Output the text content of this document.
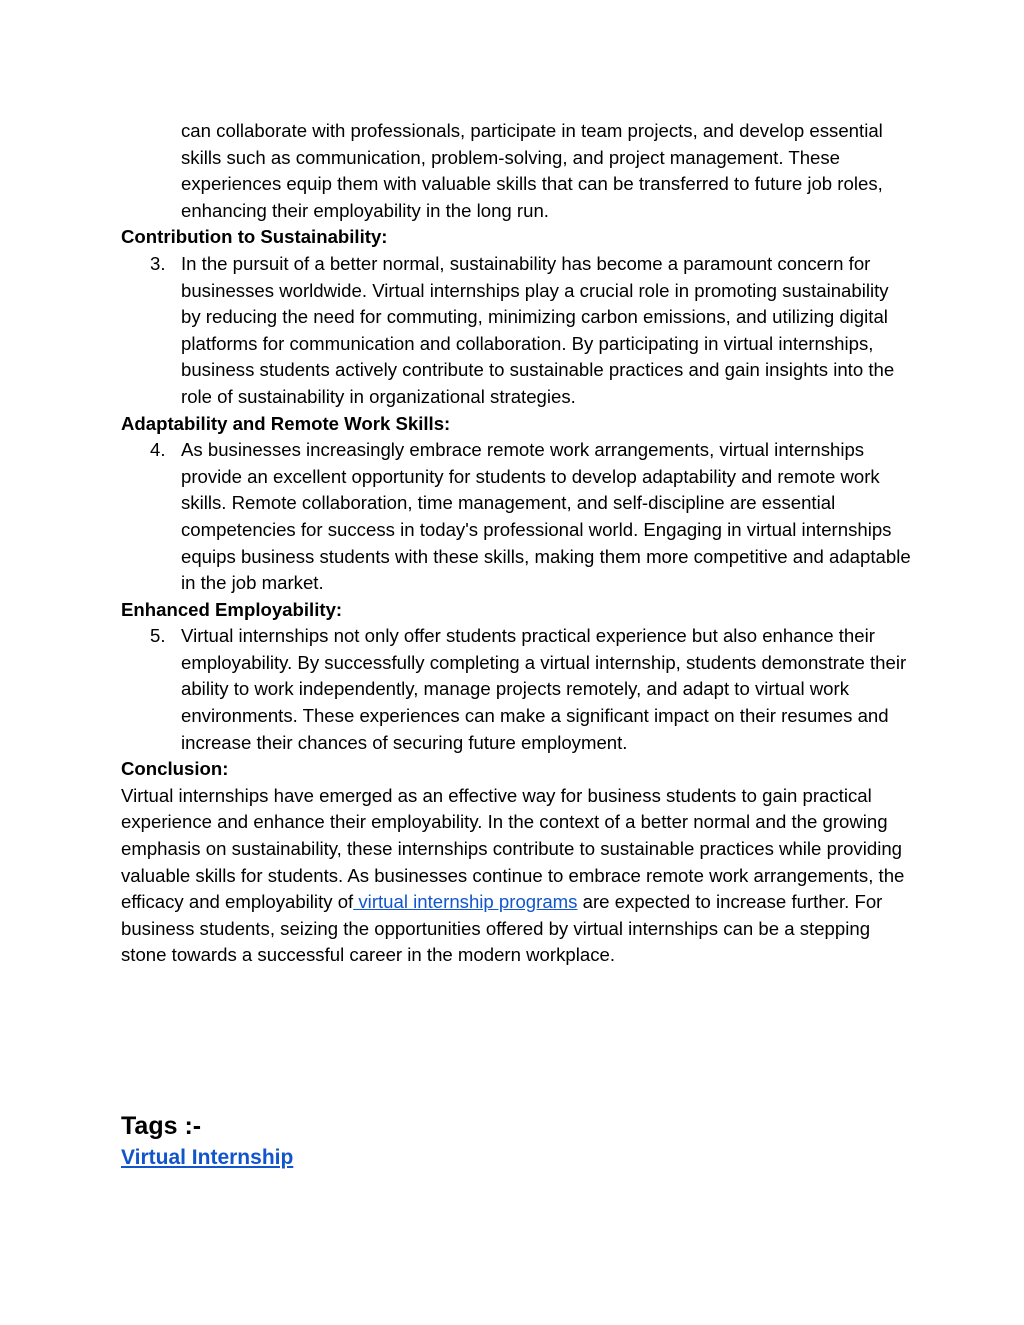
can collaborate with professionals, participate in team projects, and develop essential skills such as communication, problem-solving, and project management. These experiences equip them with valuable skills that can be transferred to future job roles, enhancing their employability in the long run.

Contribution to Sustainability:

3. In the pursuit of a better normal, sustainability has become a paramount concern for businesses worldwide. Virtual internships play a crucial role in promoting sustainability by reducing the need for commuting, minimizing carbon emissions, and utilizing digital platforms for communication and collaboration. By participating in virtual internships, business students actively contribute to sustainable practices and gain insights into the role of sustainability in organizational strategies.

Adaptability and Remote Work Skills:

4. As businesses increasingly embrace remote work arrangements, virtual internships provide an excellent opportunity for students to develop adaptability and remote work skills. Remote collaboration, time management, and self-discipline are essential competencies for success in today's professional world. Engaging in virtual internships equips business students with these skills, making them more competitive and adaptable in the job market.

Enhanced Employability:

5. Virtual internships not only offer students practical experience but also enhance their employability. By successfully completing a virtual internship, students demonstrate their ability to work independently, manage projects remotely, and adapt to virtual work environments. These experiences can make a significant impact on their resumes and increase their chances of securing future employment.

Conclusion:

Virtual internships have emerged as an effective way for business students to gain practical experience and enhance their employability. In the context of a better normal and the growing emphasis on sustainability, these internships contribute to sustainable practices while providing valuable skills for students. As businesses continue to embrace remote work arrangements, the efficacy and employability of virtual internship programs are expected to increase further. For business students, seizing the opportunities offered by virtual internships can be a stepping stone towards a successful career in the modern workplace.

Tags :-

Virtual Internship
